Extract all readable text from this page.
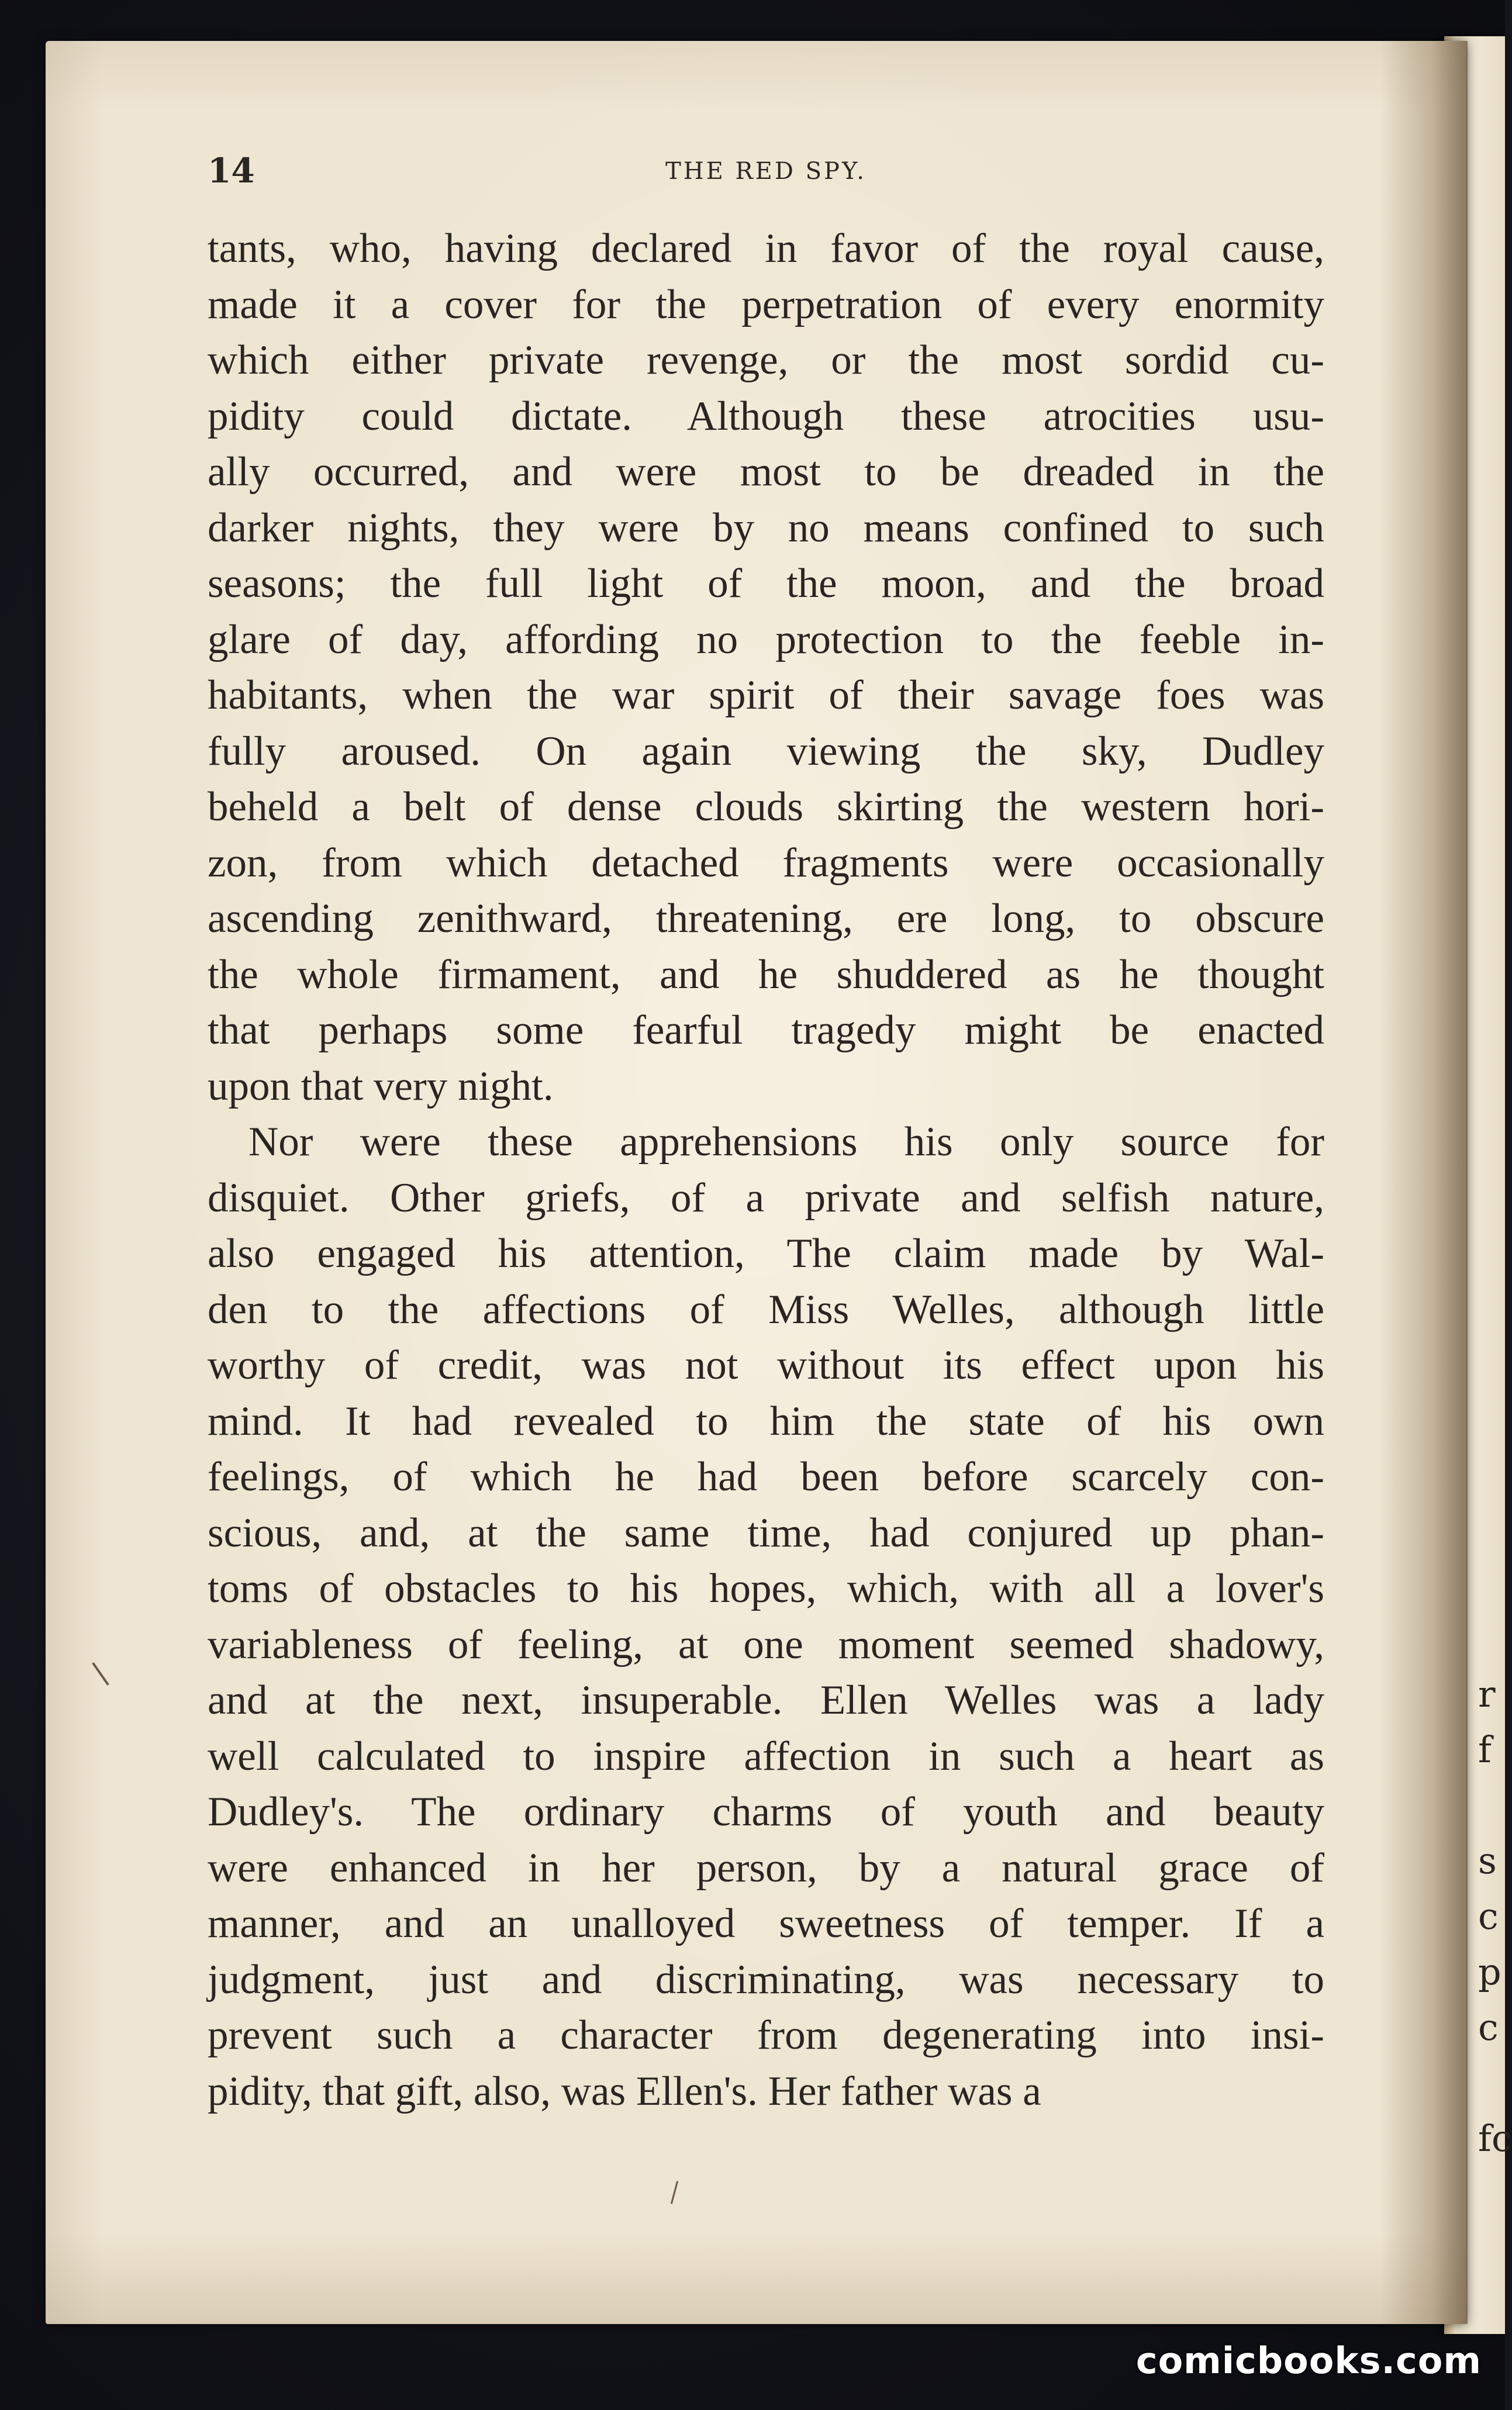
r
f

s
c
p
c

fc
14	THE RED SPY.
tants, who, having declared in favor of the royal cause,
made it a cover for the perpetration of every enormity
which either private revenge, or the most sordid cu-
pidity could dictate. Although these atrocities usu-
ally occurred, and were most to be dreaded in the
darker nights, they were by no means confined to such
seasons; the full light of the moon, and the broad
glare of day, affording no protection to the feeble in-
habitants, when the war spirit of their savage foes was
fully aroused. On again viewing the sky, Dudley
beheld a belt of dense clouds skirting the western hori-
zon, from which detached fragments were occasionally
ascending zenithward, threatening, ere long, to obscure
the whole firmament, and he shuddered as he thought
that perhaps some fearful tragedy might be enacted
upon that very night.
Nor were these apprehensions his only source for
disquiet. Other griefs, of a private and selfish nature,
also engaged his attention, The claim made by Wal-
den to the affections of Miss Welles, although little
worthy of credit, was not without its effect upon his
mind. It had revealed to him the state of his own
feelings, of which he had been before scarcely con-
scious, and, at the same time, had conjured up phan-
toms of obstacles to his hopes, which, with all a lover's
variableness of feeling, at one moment seemed shadowy,
and at the next, insuperable. Ellen Welles was a lady
well calculated to inspire affection in such a heart as
Dudley's. The ordinary charms of youth and beauty
were enhanced in her person, by a natural grace of
manner, and an unalloyed sweetness of temper. If a
judgment, just and discriminating, was necessary to
prevent such a character from degenerating into insi-
pidity, that gift, also, was Ellen's. Her father was a
comicbooks.com
